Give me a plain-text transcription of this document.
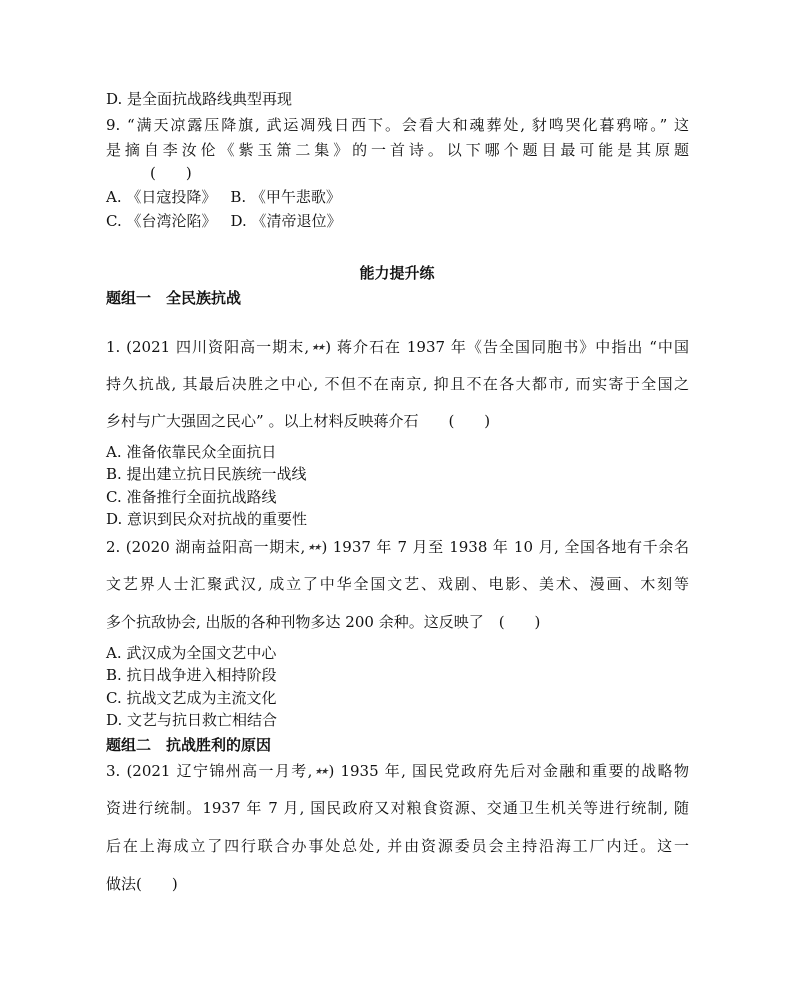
D. 是全面抗战路线典型再现
9. “满天凉露压降旗, 武运凋残日西下。会看大和魂葬处, 豺鸣哭化暮鸦啼。” 这
是摘自李汝伦《紫玉箫二集》的一首诗。以下哪个题目最可能是其原题
(　　)
A. 《日寇投降》 B. 《甲午悲歌》
C. 《台湾沦陷》 D. 《清帝退位》
能力提升练
题组一　全民族抗战
1. (2021 四川资阳高一期末, ★★ ) 蒋介石在 1937 年《告全国同胞书》中指出 “中国
持久抗战, 其最后决胜之中心, 不但不在南京, 抑且不在各大都市, 而实寄于全国之
乡村与广大强固之民心” 。以上材料反映蒋介石　　(　　)
A. 准备依靠民众全面抗日
B. 提出建立抗日民族统一战线
C. 准备推行全面抗战路线
D. 意识到民众对抗战的重要性
2. (2020 湖南益阳高一期末, ★★ ) 1937 年 7 月至 1938 年 10 月, 全国各地有千余名
文艺界人士汇聚武汉, 成立了中华全国文艺、戏剧、电影、美术、漫画、木刻等
多个抗敌协会, 出版的各种刊物多达 200 余种。这反映了　(　　)
A. 武汉成为全国文艺中心
B. 抗日战争进入相持阶段
C. 抗战文艺成为主流文化
D. 文艺与抗日救亡相结合
题组二　抗战胜利的原因
3. (2021 辽宁锦州高一月考, ★★ ) 1935 年, 国民党政府先后对金融和重要的战略物
资进行统制。1937 年 7 月, 国民政府又对粮食资源、交通卫生机关等进行统制, 随
后在上海成立了四行联合办事处总处, 并由资源委员会主持沿海工厂内迁。这一
做法(　　)
